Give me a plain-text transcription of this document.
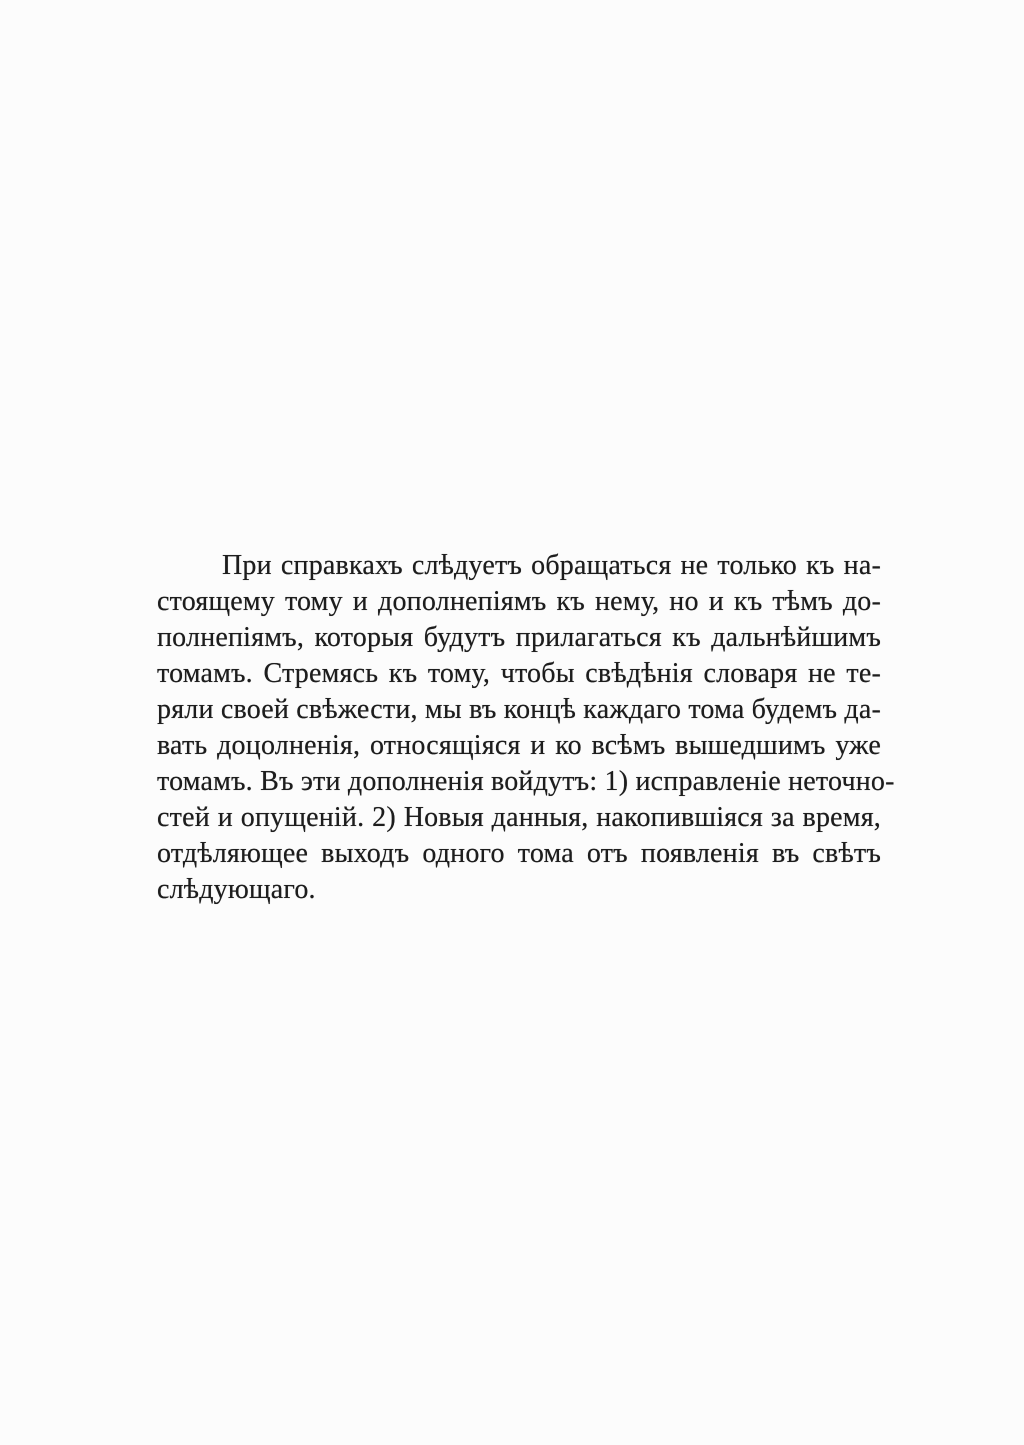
При справкахъ слѣдуетъ обращаться не только къ на-
стоящему тому и дополнепіямъ къ нему, но и къ тѣмъ до-
полнепіямъ, которыя будутъ прилагаться къ дальнѣйшимъ
томамъ. Стремясь къ тому, чтобы свѣдѣнія словаря не те-
ряли своей свѣжести, мы въ концѣ каждаго тома будемъ да-
вать доцолненія, относящіяся и ко всѣмъ вышедшимъ уже
томамъ. Въ эти дополненія войдутъ: 1) исправленіе неточно-
стей и опущеній. 2) Новыя данныя, накопившіяся за время,
отдѣляющее выходъ одного тома отъ появленія въ свѣтъ
слѣдующаго.
